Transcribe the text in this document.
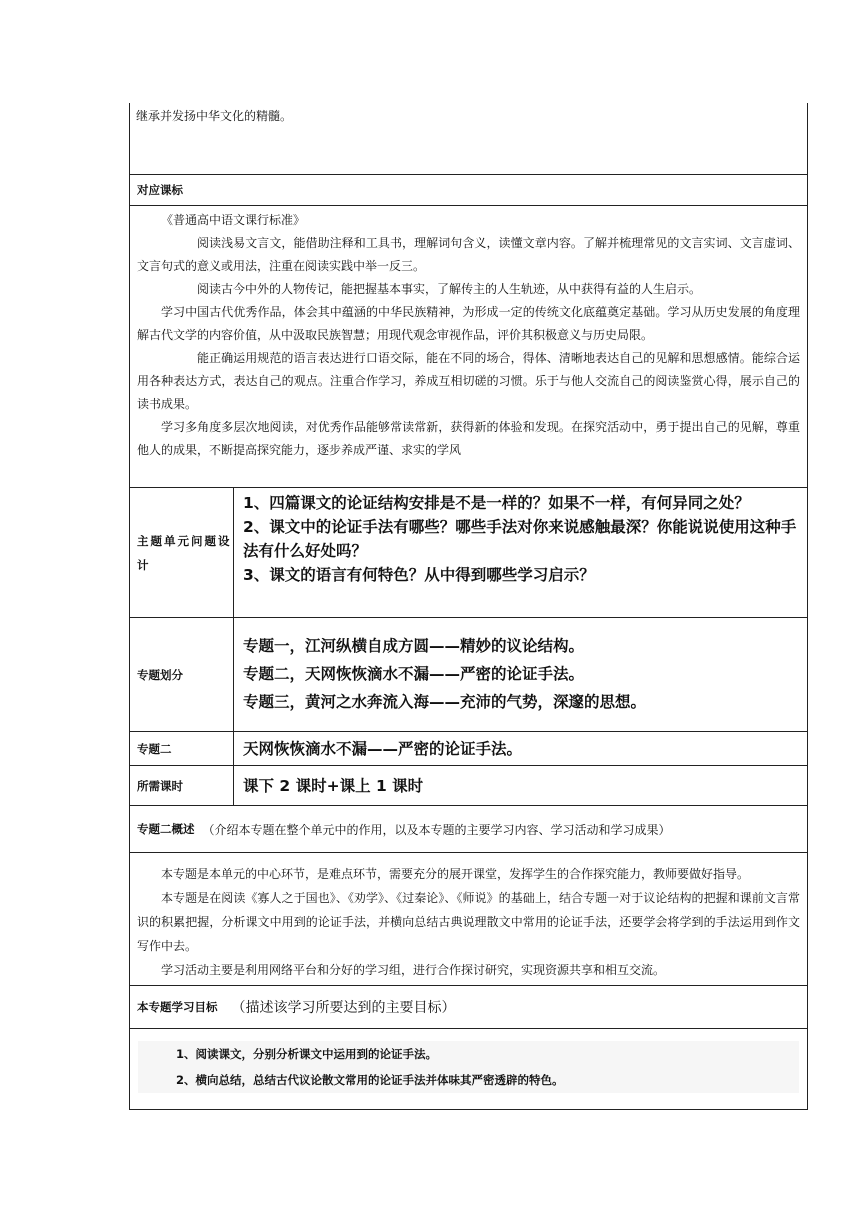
继承并发扬中华文化的精髓。

对应课标

《普通高中语文课行标准》

阅读浅易文言文，能借助注释和工具书，理解词句含义，读懂文章内容。了解并梳理常见的文言实词、文言虚词、文言句式的意义或用法，注重在阅读实践中举一反三。

阅读古今中外的人物传记，能把握基本事实，了解传主的人生轨迹，从中获得有益的人生启示。

学习中国古代优秀作品，体会其中蕴涵的中华民族精神，为形成一定的传统文化底蕴奠定基础。学习从历史发展的角度理解古代文学的内容价值，从中汲取民族智慧；用现代观念审视作品，评价其积极意义与历史局限。

能正确运用规范的语言表达进行口语交际，能在不同的场合，得体、清晰地表达自己的见解和思想感情。能综合运用各种表达方式，表达自己的观点。注重合作学习，养成互相切磋的习惯。乐于与他人交流自己的阅读鉴赏心得，展示自己的读书成果。

学习多角度多层次地阅读，对优秀作品能够常读常新，获得新的体验和发现。在探究活动中，勇于提出自己的见解，尊重他人的成果，不断提高探究能力，逐步养成严谨、求实的学风

主题单元问题设计

1、四篇课文的论证结构安排是不是一样的？如果不一样，有何异同之处？

2、课文中的论证手法有哪些？哪些手法对你来说感触最深？你能说说使用这种手法有什么好处吗？

3、课文的语言有何特色？从中得到哪些学习启示？

专题划分

专题一，江河纵横自成方圆——精妙的议论结构。

专题二，天网恢恢滴水不漏——严密的论证手法。

专题三，黄河之水奔流入海——充沛的气势，深邃的思想。

专题二	天网恢恢滴水不漏——严密的论证手法。

所需课时	课下 2 课时+课上 1 课时

专题二概述 （介绍本专题在整个单元中的作用，以及本专题的主要学习内容、学习活动和学习成果）

本专题是本单元的中心环节，是难点环节，需要充分的展开课堂，发挥学生的合作探究能力，教师要做好指导。

本专题是在阅读《寡人之于国也》、《劝学》、《过秦论》、《师说》的基础上，结合专题一对于议论结构的把握和课前文言常识的积累把握，分析课文中用到的论证手法，并横向总结古典说理散文中常用的论证手法，还要学会将学到的手法运用到作文写作中去。

学习活动主要是利用网络平台和分好的学习组，进行合作探讨研究，实现资源共享和相互交流。

本专题学习目标 （描述该学习所要达到的主要目标）

1、阅读课文，分别分析课文中运用到的论证手法。

2、横向总结，总结古代议论散文常用的论证手法并体味其严密透辟的特色。
